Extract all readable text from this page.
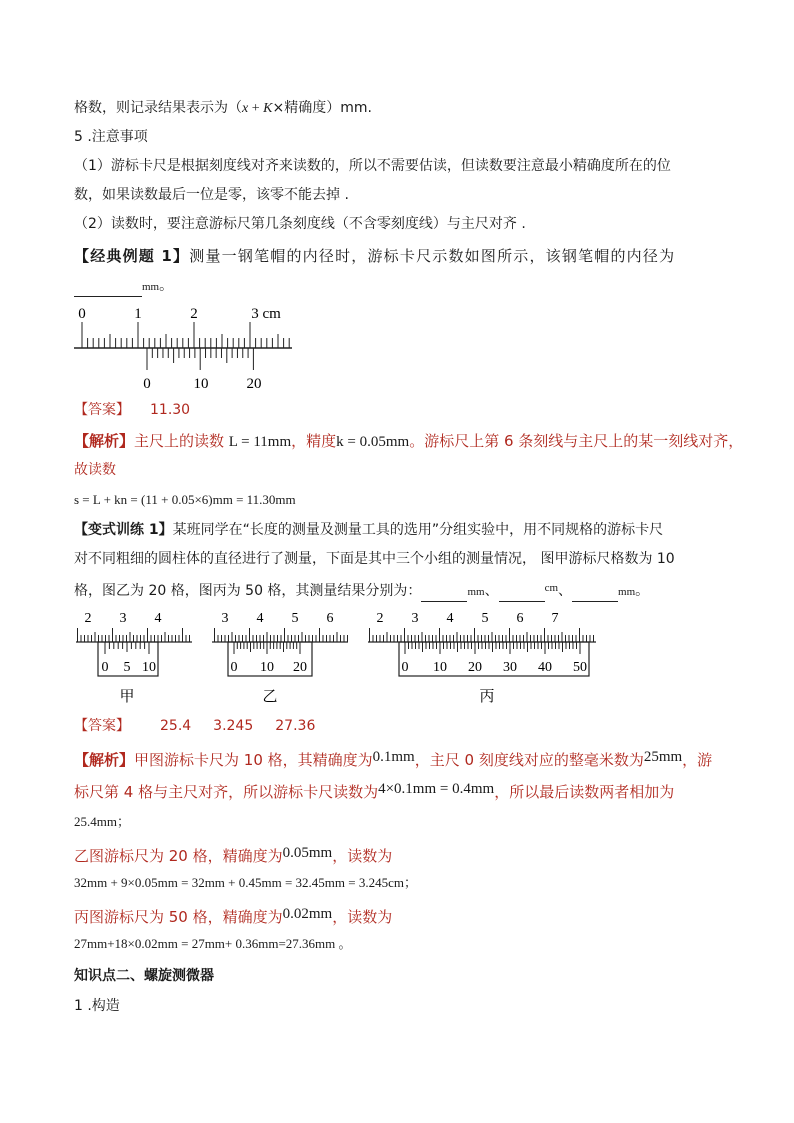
格数，则记录结果表示为（x + K×精确度）mm.
5 .注意事项
（1）游标卡尺是根据刻度线对齐来读数的，所以不需要估读，但读数要注意最小精确度所在的位
数，如果读数最后一位是零，该零不能去掉 .
（2）读数时，要注意游标尺第几条刻度线（不含零刻度线）与主尺对齐 .
【经典例题 1】测量一钢笔帽的内径时，游标卡尺示数如图所示，该钢笔帽的内径为
mm。
0	1	2	3 cm
0	10	20
【答案】 11.30
【解析】主尺上的读数 L = 11mm，精度k = 0.05mm。游标尺上第 6 条刻线与主尺上的某一刻线对齐，
故读数
s = L + kn = (11 + 0.05×6)mm = 11.30mm
【变式训练 1】某班同学在“长度的测量及测量工具的选用”分组实验中，用不同规格的游标卡尺
对不同粗细的圆柱体的直径进行了测量，下面是其中三个小组的测量情况， 图甲游标尺格数为 10
格，图乙为 20 格，图丙为 50 格，其测量结果分别为：	mm、	$^{cm}$、	mm。
2 3 4
0 5 10
甲
3 4 5 6
0 10 20
乙
2 3 4 5 6 7
0 10 20 30 40 50
丙
【答案】 25.4 3.245 27.36
【解析】甲图游标卡尺为 10 格，其精确度为0.1mm，主尺 0 刻度线对应的整毫米数为25mm，游
标尺第 4 格与主尺对齐，所以游标卡尺读数为4×0.1mm = 0.4mm，所以最后读数两者相加为
25.4mm；
乙图游标尺为 20 格，精确度为0.05mm，读数为
32mm + 9×0.05mm = 32mm + 0.45mm = 32.45mm = 3.245cm；
丙图游标尺为 50 格，精确度为0.02mm，读数为
27mm+18×0.02mm = 27mm+ 0.36mm=27.36mm 。
知识点二、螺旋测微器
1 .构造
